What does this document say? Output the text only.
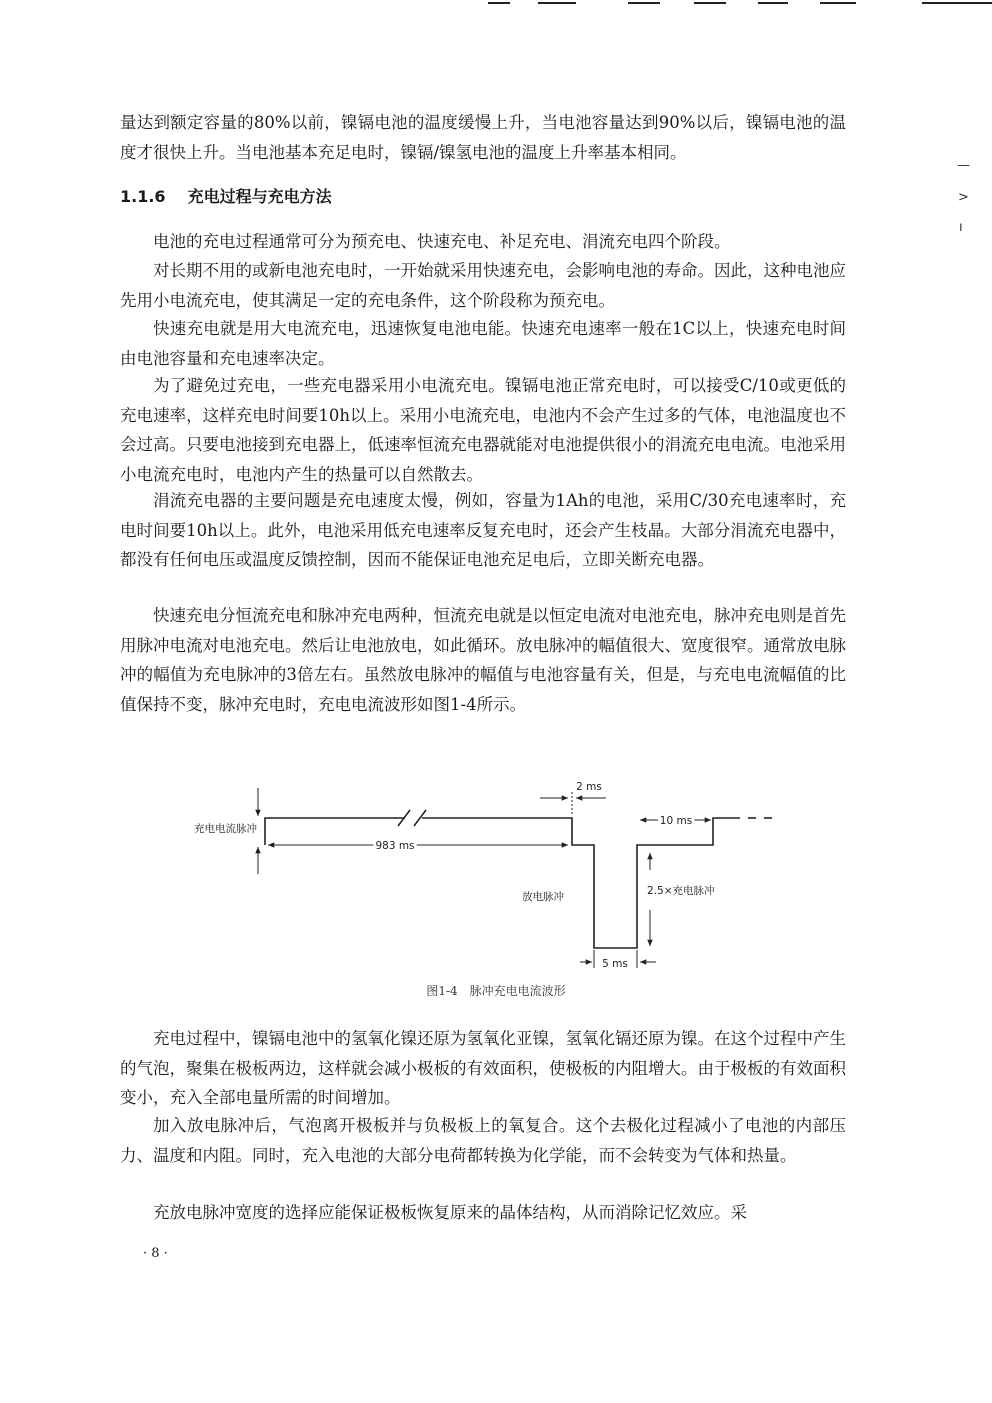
—
>
ı

量达到额定容量的80%以前，镍镉电池的温度缓慢上升，当电池容量达到90%以后，镍镉电池的温度才很快上升。当电池基本充足电时，镍镉/镍氢电池的温度上升率基本相同。

1.1.6 充电过程与充电方法

电池的充电过程通常可分为预充电、快速充电、补足充电、涓流充电四个阶段。

对长期不用的或新电池充电时，一开始就采用快速充电，会影响电池的寿命。因此，这种电池应先用小电流充电，使其满足一定的充电条件，这个阶段称为预充电。

快速充电就是用大电流充电，迅速恢复电池电能。快速充电速率一般在1C以上，快速充电时间由电池容量和充电速率决定。

为了避免过充电，一些充电器采用小电流充电。镍镉电池正常充电时，可以接受C/10或更低的充电速率，这样充电时间要10h以上。采用小电流充电，电池内不会产生过多的气体，电池温度也不会过高。只要电池接到充电器上，低速率恒流充电器就能对电池提供很小的涓流充电电流。电池采用小电流充电时，电池内产生的热量可以自然散去。

涓流充电器的主要问题是充电速度太慢，例如，容量为1Ah的电池，采用C/30充电速率时，充电时间要10h以上。此外，电池采用低充电速率反复充电时，还会产生枝晶。大部分涓流充电器中，都没有任何电压或温度反馈控制，因而不能保证电池充足电后，立即关断充电器。

快速充电分恒流充电和脉冲充电两种，恒流充电就是以恒定电流对电池充电，脉冲充电则是首先用脉冲电流对电池充电。然后让电池放电，如此循环。放电脉冲的幅值很大、宽度很窄。通常放电脉冲的幅值为充电脉冲的3倍左右。虽然放电脉冲的幅值与电池容量有关，但是，与充电电流幅值的比值保持不变，脉冲充电时，充电电流波形如图1-4所示。

充电电流脉冲
983 ms
2 ms
10 ms
放电脉冲	2.5×充电脉冲
5 ms
图1-4　脉冲充电电流波形

充电过程中，镍镉电池中的氢氧化镍还原为氢氧化亚镍，氢氧化镉还原为镍。在这个过程中产生的气泡，聚集在极板两边，这样就会减小极板的有效面积，使极板的内阻增大。由于极板的有效面积变小，充入全部电量所需的时间增加。

加入放电脉冲后，气泡离开极板并与负极板上的氧复合。这个去极化过程减小了电池的内部压力、温度和内阻。同时，充入电池的大部分电荷都转换为化学能，而不会转变为气体和热量。

充放电脉冲宽度的选择应能保证极板恢复原来的晶体结构，从而消除记忆效应。采

· 8 ·
